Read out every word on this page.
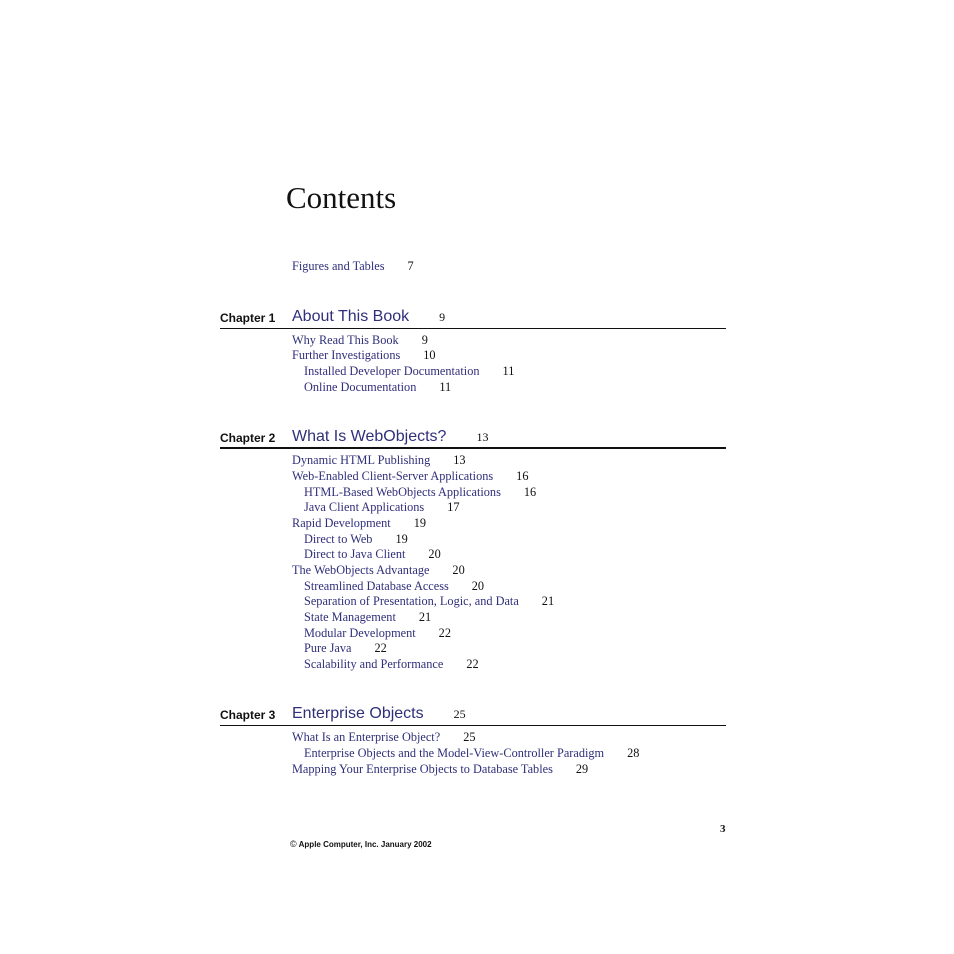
Contents
Figures and Tables 7
Chapter 1 About This Book	9
Why Read This Book 9
Further Investigations 10
Installed Developer Documentation 11
Online Documentation 11
Chapter 2 What Is WebObjects?	13
Dynamic HTML Publishing 13
Web-Enabled Client-Server Applications 16
HTML-Based WebObjects Applications 16
Java Client Applications 17
Rapid Development 19
Direct to Web 19
Direct to Java Client 20
The WebObjects Advantage 20
Streamlined Database Access 20
Separation of Presentation, Logic, and Data 21
State Management 21
Modular Development 22
Pure Java 22
Scalability and Performance 22
Chapter 3 Enterprise Objects	25
What Is an Enterprise Object? 25
Enterprise Objects and the Model-View-Controller Paradigm 28
Mapping Your Enterprise Objects to Database Tables 29
3
© Apple Computer, Inc. January 2002
